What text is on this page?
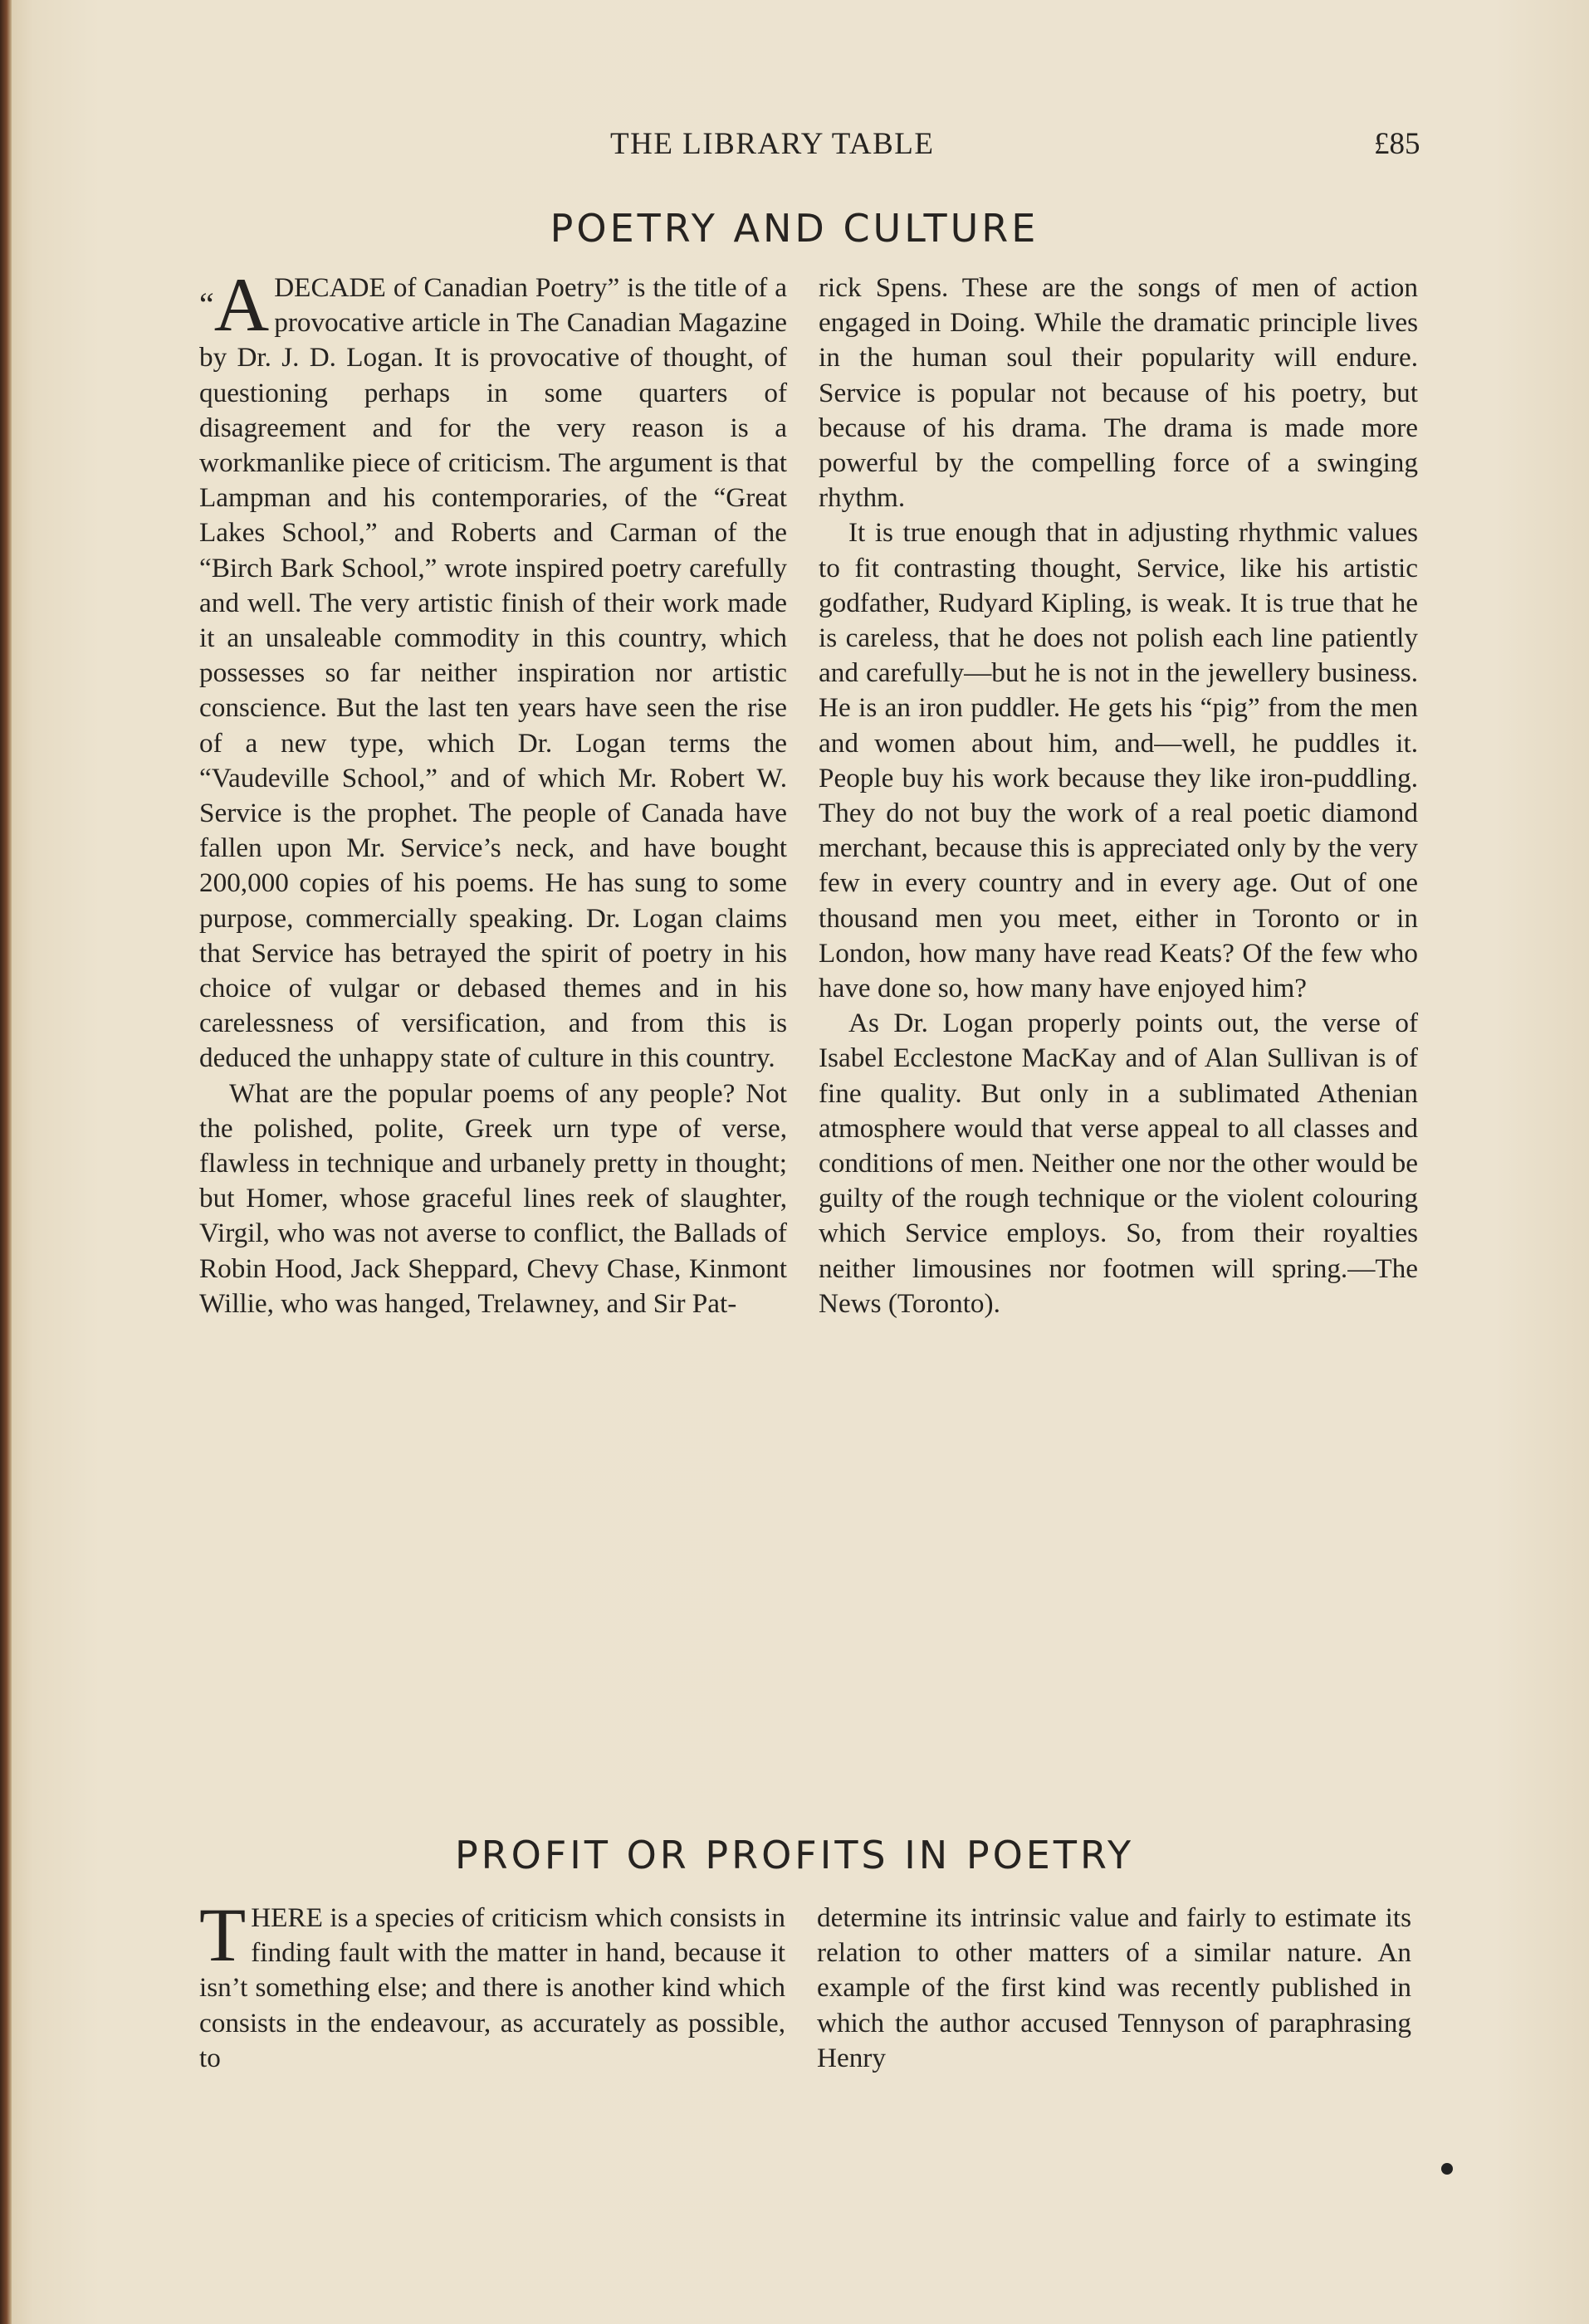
THE LIBRARY TABLE	£85
POETRY AND CULTURE

“A DECADE of Canadian Poetry” is the title of a provocative article in The Canadian Magazine by Dr. J. D. Logan. It is provocative of thought, of questioning perhaps in some quarters of disagreement and for the very reason is a workmanlike piece of criticism. The argument is that Lampman and his contemporaries, of the “Great Lakes School,” and Roberts and Carman of the “Birch Bark School,” wrote inspired poetry carefully and well. The very artistic finish of their work made it an unsaleable commodity in this country, which possesses so far neither inspiration nor artistic conscience. But the last ten years have seen the rise of a new type, which Dr. Logan terms the “Vaudeville School,” and of which Mr. Robert W. Service is the prophet. The people of Canada have fallen upon Mr. Service’s neck, and have bought 200,000 copies of his poems. He has sung to some purpose, commercially speaking. Dr. Logan claims that Service has betrayed the spirit of poetry in his choice of vulgar or debased themes and in his carelessness of versification, and from this is deduced the unhappy state of culture in this country.

What are the popular poems of any people? Not the polished, polite, Greek urn type of verse, flawless in technique and urbanely pretty in thought; but Homer, whose graceful lines reek of slaughter, Virgil, who was not averse to conflict, the Ballads of Robin Hood, Jack Sheppard, Chevy Chase, Kinmont Willie, who was hanged, Trelawney, and Sir Pat-

rick Spens. These are the songs of men of action engaged in Doing. While the dramatic principle lives in the human soul their popularity will endure. Service is popular not because of his poetry, but because of his drama. The drama is made more powerful by the compelling force of a swinging rhythm.

It is true enough that in adjusting rhythmic values to fit contrasting thought, Service, like his artistic godfather, Rudyard Kipling, is weak. It is true that he is careless, that he does not polish each line patiently and carefully—but he is not in the jewellery business. He is an iron puddler. He gets his “pig” from the men and women about him, and—well, he puddles it. People buy his work because they like iron-puddling. They do not buy the work of a real poetic diamond merchant, because this is appreciated only by the very few in every country and in every age. Out of one thousand men you meet, either in Toronto or in London, how many have read Keats? Of the few who have done so, how many have enjoyed him?

As Dr. Logan properly points out, the verse of Isabel Ecclestone MacKay and of Alan Sullivan is of fine quality. But only in a sublimated Athenian atmosphere would that verse appeal to all classes and conditions of men. Neither one nor the other would be guilty of the rough technique or the violent colouring which Service employs. So, from their royalties neither limousines nor footmen will spring.—The News (Toronto).

PROFIT OR PROFITS IN POETRY

THERE is a species of criticism which consists in finding fault with the matter in hand, because it isn’t something else; and there is another kind which consists in the endeavour, as accurately as possible, to

determine its intrinsic value and fairly to estimate its relation to other matters of a similar nature. An example of the first kind was recently published in which the author accused Tennyson of paraphrasing Henry
